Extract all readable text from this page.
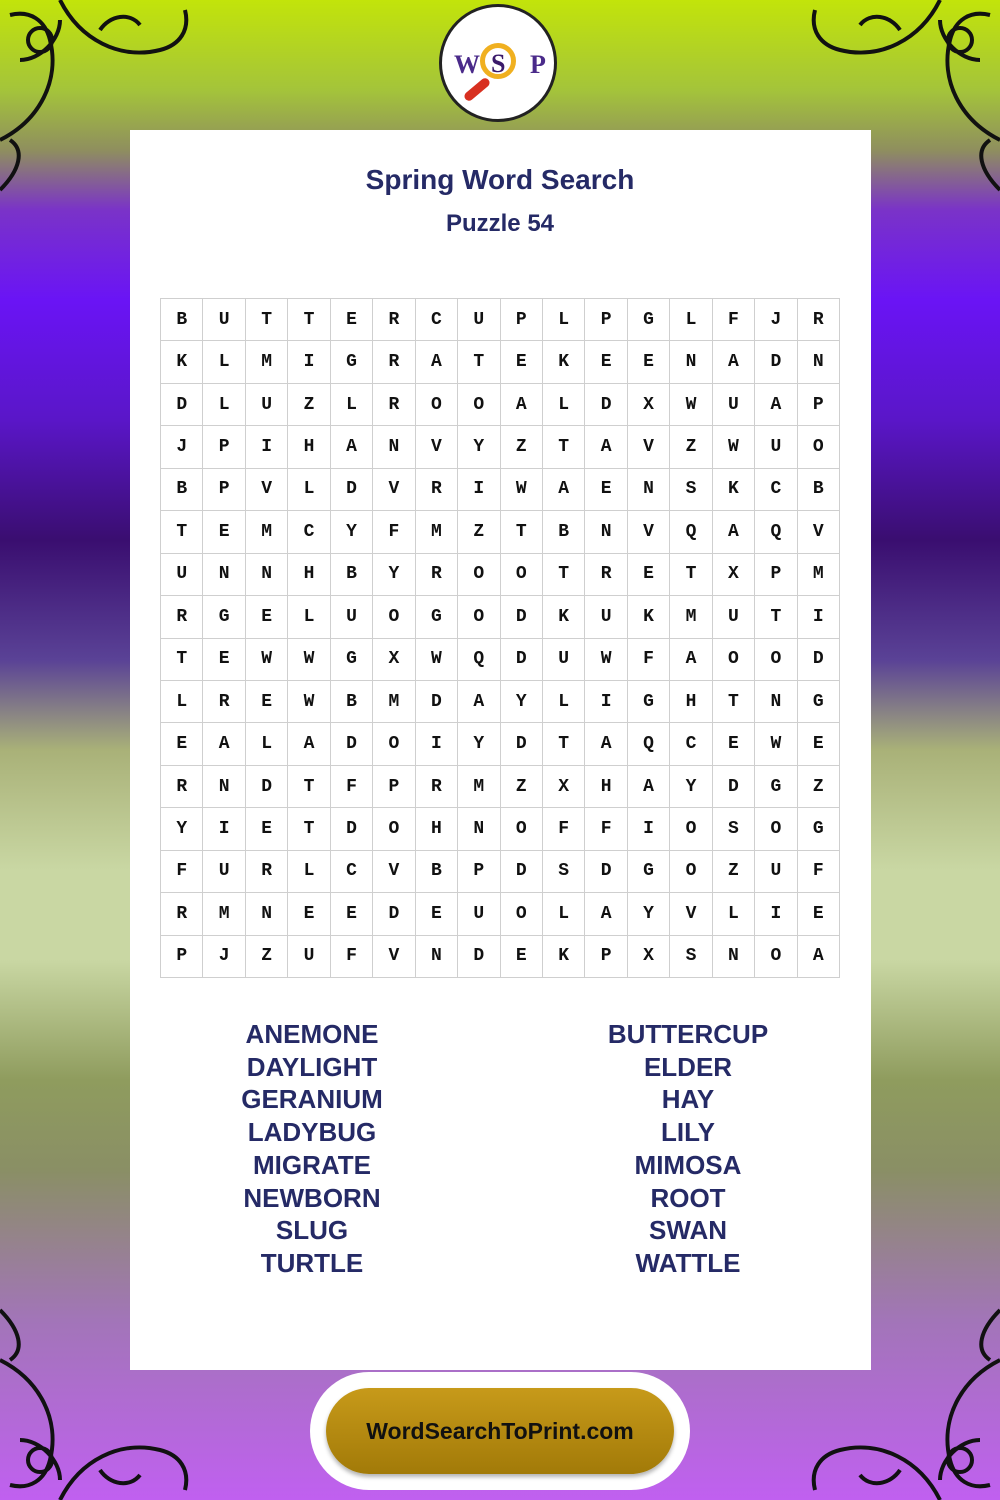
W S P
Spring Word Search
Puzzle 54
B	U	T	T	E	R	C	U	P	L	P	G	L	F	J	R
K	L	M	I	G	R	A	T	E	K	E	E	N	A	D	N
D	L	U	Z	L	R	O	O	A	L	D	X	W	U	A	P
J	P	I	H	A	N	V	Y	Z	T	A	V	Z	W	U	O
B	P	V	L	D	V	R	I	W	A	E	N	S	K	C	B
T	E	M	C	Y	F	M	Z	T	B	N	V	Q	A	Q	V
U	N	N	H	B	Y	R	O	O	T	R	E	T	X	P	M
R	G	E	L	U	O	G	O	D	K	U	K	M	U	T	I
T	E	W	W	G	X	W	Q	D	U	W	F	A	O	O	D
L	R	E	W	B	M	D	A	Y	L	I	G	H	T	N	G
E	A	L	A	D	O	I	Y	D	T	A	Q	C	E	W	E
R	N	D	T	F	P	R	M	Z	X	H	A	Y	D	G	Z
Y	I	E	T	D	O	H	N	O	F	F	I	O	S	O	G
F	U	R	L	C	V	B	P	D	S	D	G	O	Z	U	F
R	M	N	E	E	D	E	U	O	L	A	Y	V	L	I	E
P	J	Z	U	F	V	N	D	E	K	P	X	S	N	O	A
ANEMONE
DAYLIGHT
GERANIUM
LADYBUG
MIGRATE
NEWBORN
SLUG
TURTLE
BUTTERCUP
ELDER
HAY
LILY
MIMOSA
ROOT
SWAN
WATTLE
WordSearchToPrint.com
